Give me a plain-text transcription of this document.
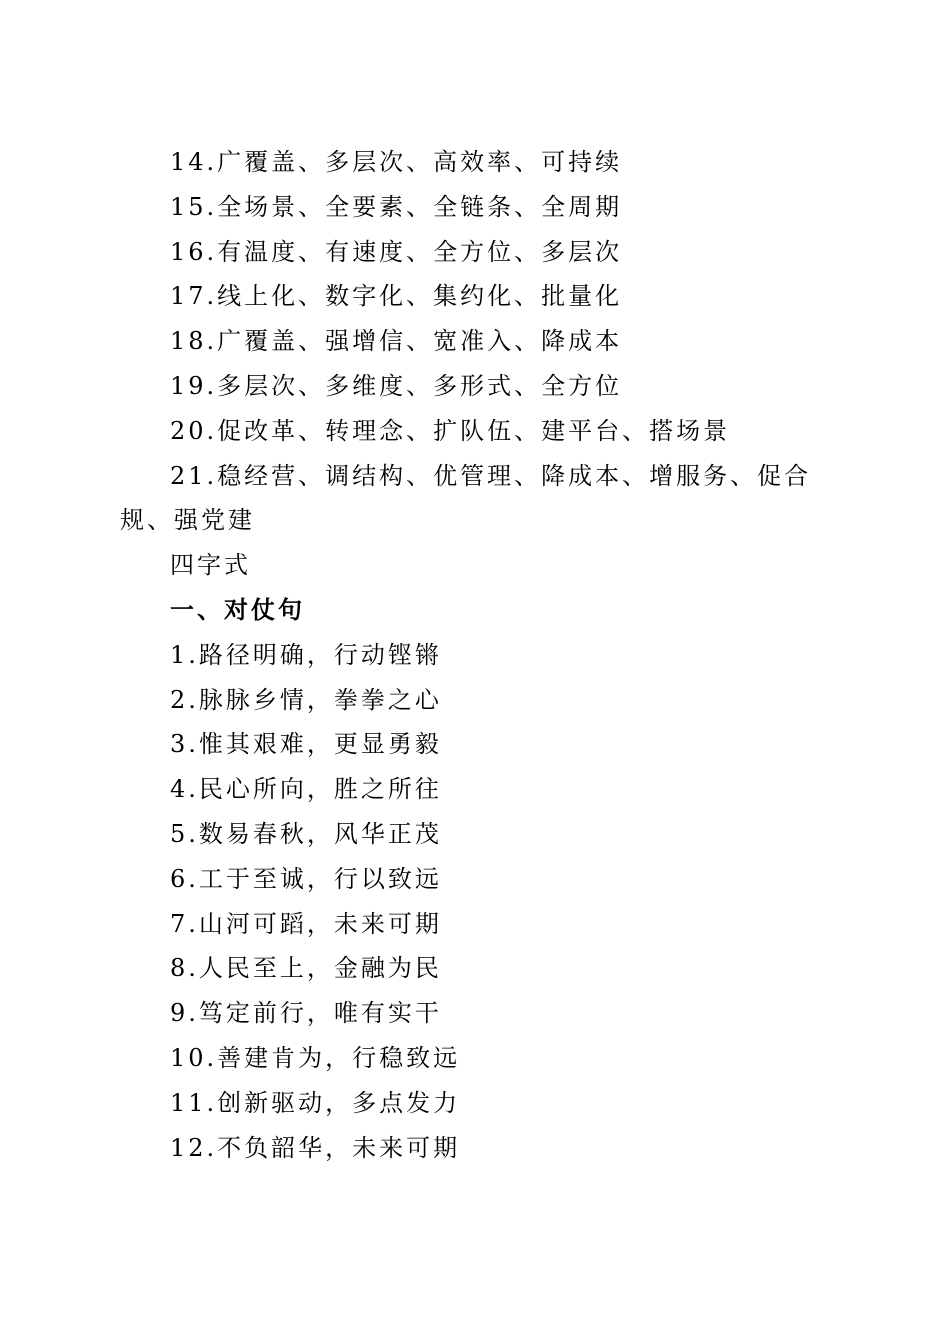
14.广覆盖、多层次、高效率、可持续
15.全场景、全要素、全链条、全周期
16.有温度、有速度、全方位、多层次
17.线上化、数字化、集约化、批量化
18.广覆盖、强增信、宽准入、降成本
19.多层次、多维度、多形式、全方位
20.促改革、转理念、扩队伍、建平台、搭场景
21.稳经营、调结构、优管理、降成本、增服务、促合规、强党建
四字式
一、对仗句
1.路径明确，行动铿锵
2.脉脉乡情，拳拳之心
3.惟其艰难，更显勇毅
4.民心所向，胜之所往
5.数易春秋，风华正茂
6.工于至诚，行以致远
7.山河可蹈，未来可期
8.人民至上，金融为民
9.笃定前行，唯有实干
10.善建肯为，行稳致远
11.创新驱动，多点发力
12.不负韶华，未来可期
